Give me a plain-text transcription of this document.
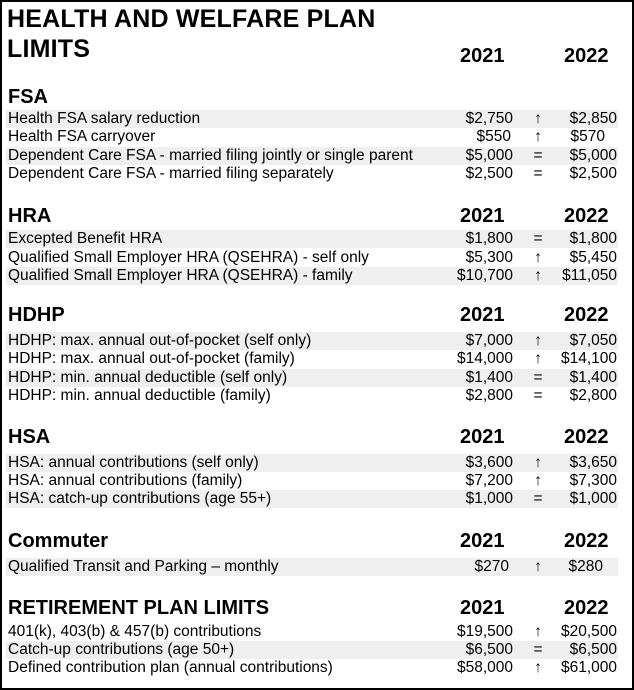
HEALTH AND WELFARE PLAN
LIMITS	2021	2022
FSA
Health FSA salary reduction	$2,750	↑	$2,850
Health FSA carryover	$550	↑	$570
Dependent Care FSA - married filing jointly or single parent	$5,000	=	$5,000
Dependent Care FSA - married filing separately	$2,500	=	$2,500
HRA	2021	2022
Excepted Benefit HRA	$1,800	=	$1,800
Qualified Small Employer HRA (QSEHRA) - self only	$5,300	↑	$5,450
Qualified Small Employer HRA (QSEHRA) - family	$10,700	↑	$11,050
HDHP	2021	2022
HDHP: max. annual out-of-pocket (self only)	$7,000	↑	$7,050
HDHP: max. annual out-of-pocket (family)	$14,000	↑	$14,100
HDHP: min. annual deductible (self only)	$1,400	=	$1,400
HDHP: min. annual deductible (family)	$2,800	=	$2,800
HSA	2021	2022
HSA: annual contributions (self only)	$3,600	↑	$3,650
HSA: annual contributions (family)	$7,200	↑	$7,300
HSA: catch-up contributions (age 55+)	$1,000	=	$1,000
Commuter	2021	2022
Qualified Transit and Parking – monthly	$270	↑	$280
RETIREMENT PLAN LIMITS	2021	2022
401(k), 403(b) & 457(b) contributions	$19,500	↑	$20,500
Catch-up contributions (age 50+)	$6,500	=	$6,500
Defined contribution plan (annual contributions)	$58,000	↑	$61,000
